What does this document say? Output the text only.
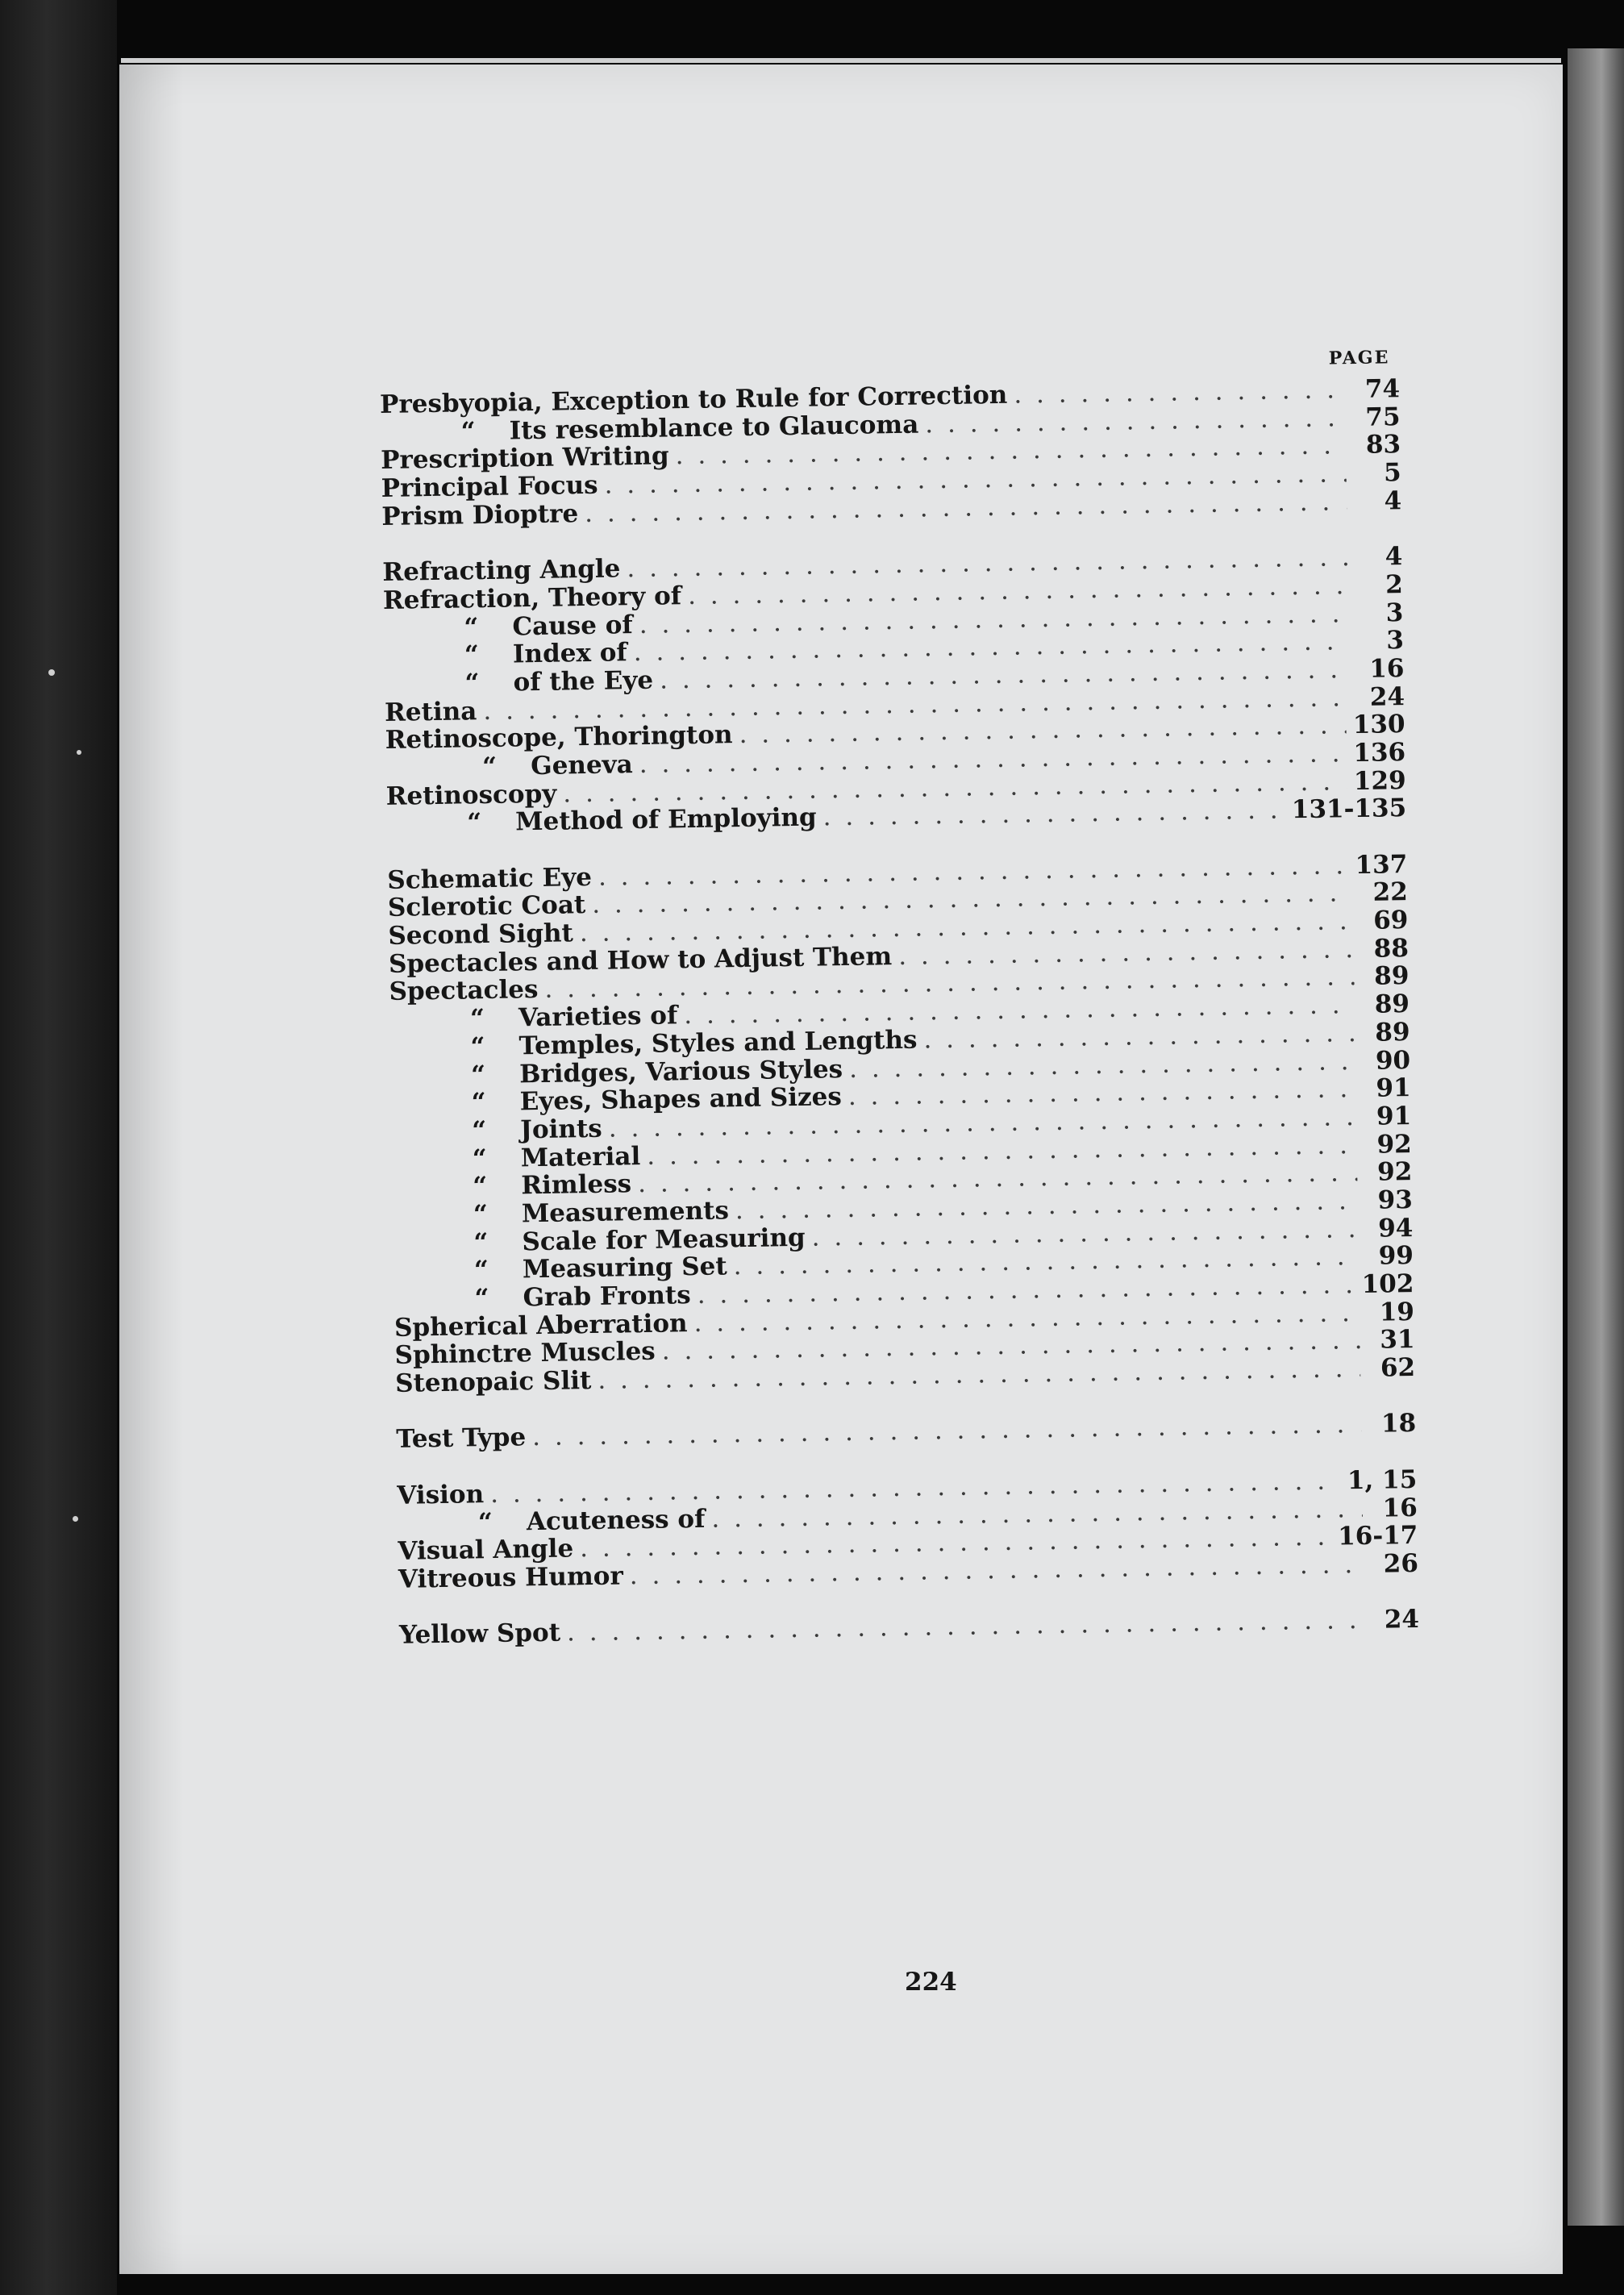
PAGE
Presbyopia, Exception to Rule for Correction . . .	74
“	Its resemblance to Glaucoma . . .	75
Prescription Writing . . .	83
Principal Focus . . .	5
Prism Dioptre . . .	4
Refracting Angle . . .	4
Refraction, Theory of . . .	2
“	Cause of . . .	3
“	Index of . . .	3
“	of the Eye . . .	16
Retina . . .	24
Retinoscope, Thorington . . .	130
“	Geneva . . .	136
Retinoscopy . . .	129
“	Method of Employing . . .	131-135
Schematic Eye . . .	137
Sclerotic Coat . . .	22
Second Sight . . .	69
Spectacles and How to Adjust Them . . .	88
Spectacles . . .	89
“	Varieties of . . .	89
“	Temples, Styles and Lengths . . .	89
“	Bridges, Various Styles . . .	90
“	Eyes, Shapes and Sizes . . .	91
“	Joints . . .	91
“	Material . . .	92
“	Rimless . . .	92
“	Measurements . . .	93
“	Scale for Measuring . . .	94
“	Measuring Set . . .	99
“	Grab Fronts . . .	102
Spherical Aberration . . .	19
Sphinctre Muscles . . .	31
Stenopaic Slit . . .	62
Test Type . . .	18
Vision . . .	1, 15
“	Acuteness of . . .	16
Visual Angle . . .	16-17
Vitreous Humor . . .	26
Yellow Spot . . .	24
224
